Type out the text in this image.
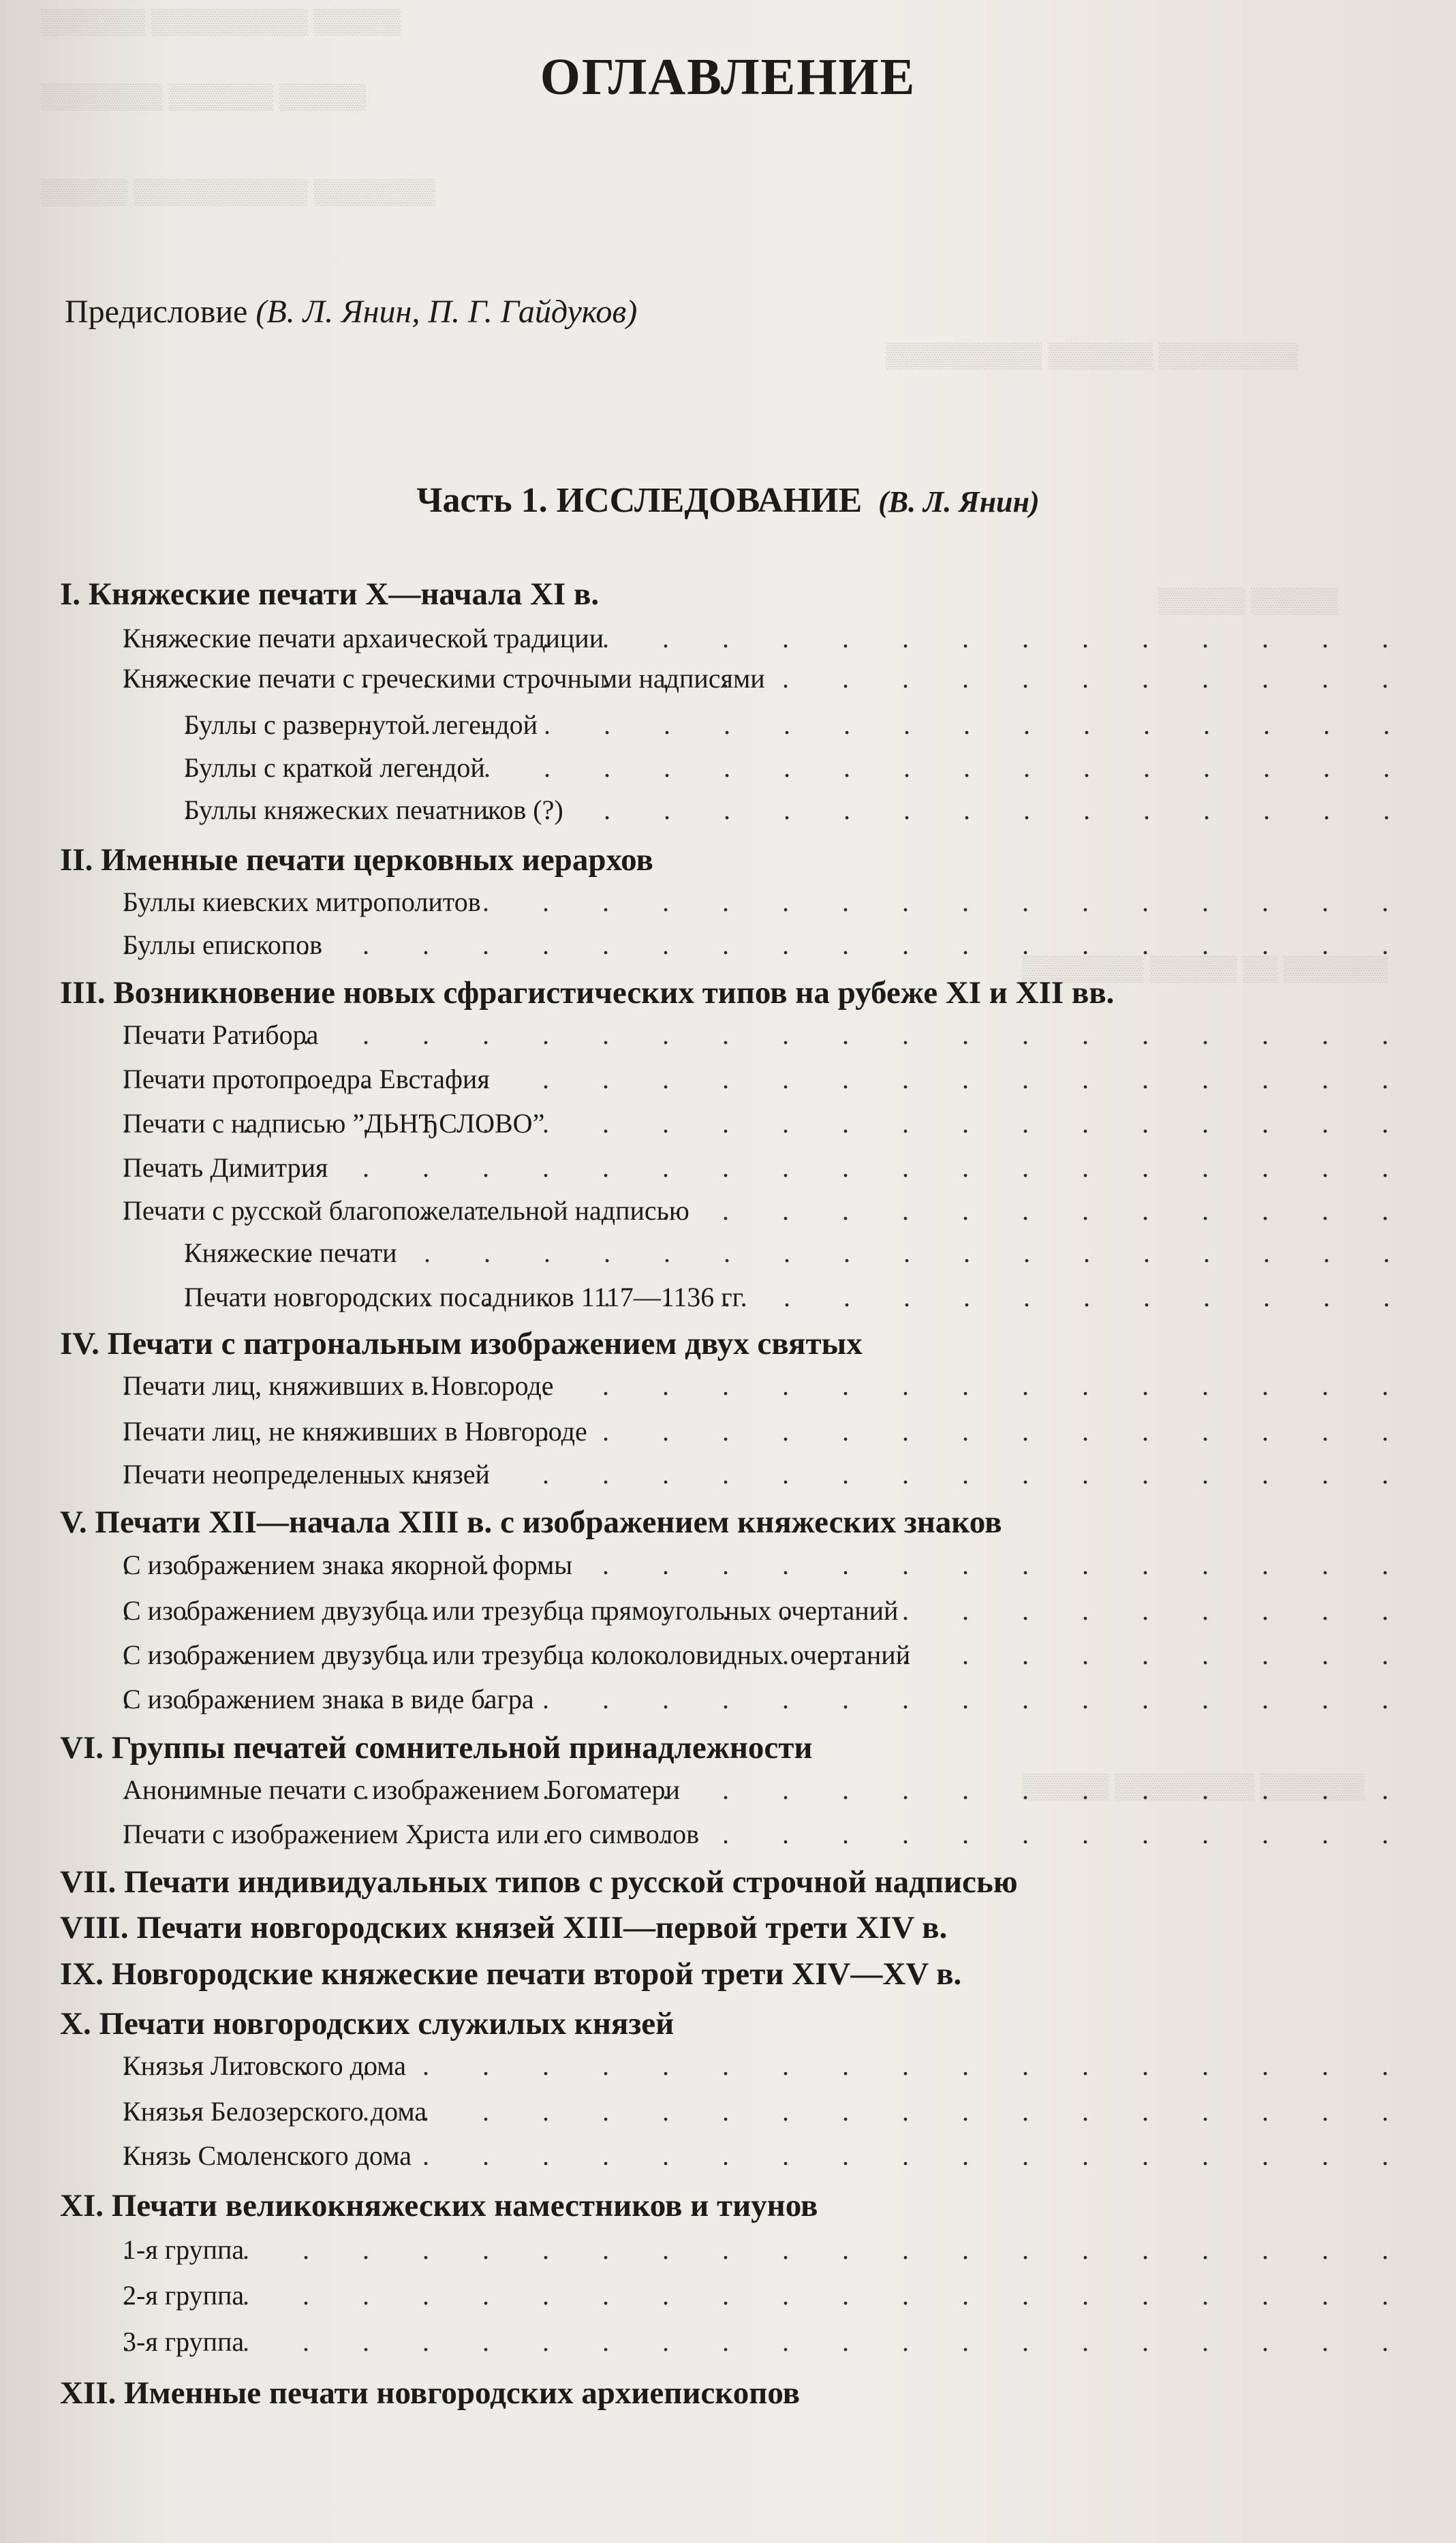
▒▒▒▒▒ ▒▒▒▒▒▒▒▒▒ ▒▒▒▒▒▒
▒▒▒▒▒ ▒▒▒▒▒▒ ▒▒▒▒▒▒▒
▒▒▒▒▒▒▒ ▒▒▒▒▒▒▒▒▒▒ ▒▒▒▒▒
▒▒▒▒▒▒▒▒ ▒▒▒▒▒▒ ▒▒▒▒▒▒▒▒▒
▒▒▒▒▒ ▒▒▒▒▒
▒▒▒▒▒▒ ▒▒ ▒▒▒▒▒ ▒▒▒▒▒▒▒
▒▒▒▒▒▒ ▒▒▒▒▒▒▒▒ ▒▒▒▒▒
ОГЛАВЛЕНИЕ
Предисловие (В. Л. Янин, П. Г. Гайдуков)
Часть 1. ИССЛЕДОВАНИЕ (В. Л. Янин)
I. Княжеские печати X—начала XI в.
Княжеские печати архаической традиции . . .
Княжеские печати с греческими строчными надписями . . .
Буллы с развернутой легендой . . .
Буллы с краткой легендой . . .
Буллы княжеских печатников (?) . . .
II. Именные печати церковных иерархов
Буллы киевских митрополитов . . .
Буллы епископов . . .
III. Возникновение новых сфрагистических типов на рубеже XI и XII вв.
Печати Ратибора . . .
Печати протопроедра Евстафия . . .
Печати с надписью ”ДЬНЂСЛОВО” . . .
Печать Димитрия . . .
Печати с русской благопожелательной надписью . . .
Княжеские печати . . .
Печати новгородских посадников 1117—1136 гг. . . .
IV. Печати с патрональным изображением двух святых
Печати лиц, княживших в Новгороде . . .
Печати лиц, не княживших в Новгороде . . .
Печати неопределенных князей . . .
V. Печати XII—начала XIII в. с изображением княжеских знаков
С изображением знака якорной формы . . .
С изображением двузубца или трезубца прямоугольных очертаний . . .
С изображением двузубца или трезубца колоколовидных очертаний . . .
С изображением знака в виде багра . . .
VI. Группы печатей сомнительной принадлежности
Анонимные печати с изображением Богоматери . . .
Печати с изображением Христа или его символов . . .
VII. Печати индивидуальных типов с русской строчной надписью
VIII. Печати новгородских князей XIII—первой трети XIV в.
IX. Новгородские княжеские печати второй трети XIV—XV в.
X. Печати новгородских служилых князей
Князья Литовского дома . . .
Князья Белозерского дома . . .
Князь Смоленского дома . . .
XI. Печати великокняжеских наместников и тиунов
1-я группа . . .
2-я группа . . .
3-я группа . . .
XII. Именные печати новгородских архиепископов
